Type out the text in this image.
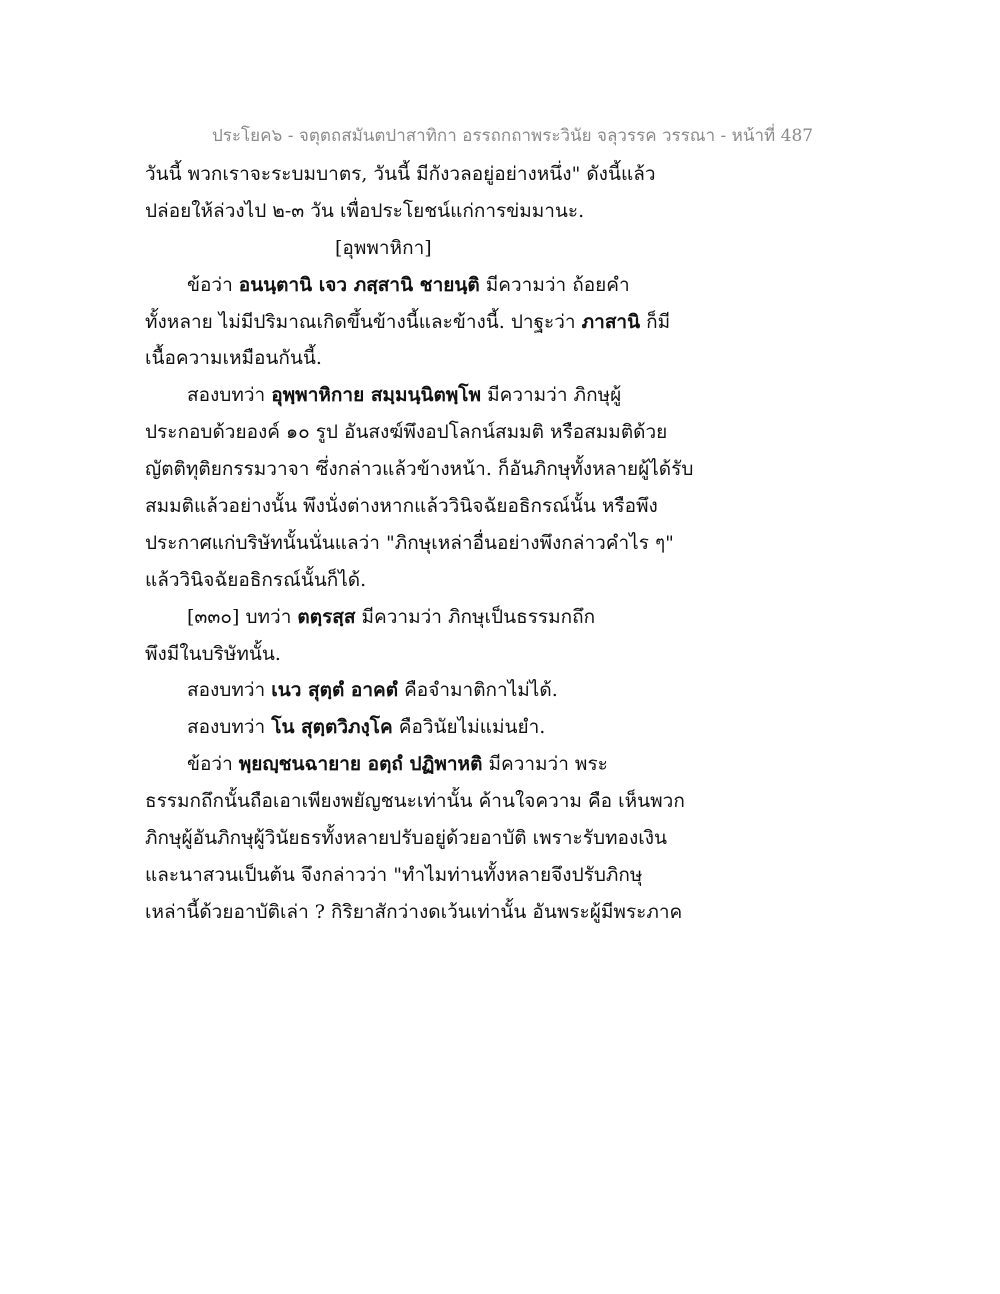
ประโยค๖ - จตุตถสมันตปาสาทิกา อรรถกถาพระวินัย จลุวรรค วรรณา - หน้าที่ 487
วันนี้ พวกเราจะระบมบาตร, วันนี้ มีกังวลอยู่อย่างหนึ่ง" ดังนี้แล้ว
ปล่อยให้ล่วงไป ๒-๓ วัน เพื่อประโยชน์แก่การข่มมานะ.
[อุพพาหิกา]
ข้อว่า อนนฺตานิ เจว ภสฺสานิ ชายนฺติ มีความว่า ถ้อยคำ
ทั้งหลาย ไม่มีปริมาณเกิดขึ้นข้างนี้และข้างนี้. ปาฐะว่า ภาสานิ ก็มี
เนื้อความเหมือนกันนี้.
สองบทว่า อุพฺพาหิกาย สมฺมนฺนิตพฺโพ มีความว่า ภิกษุผู้
ประกอบด้วยองค์ ๑๐ รูป อันสงฆ์พึงอปโลกน์สมมติ หรือสมมติด้วย
ญัตติทุติยกรรมวาจา ซึ่งกล่าวแล้วข้างหน้า. ก็อันภิกษุทั้งหลายผู้ได้รับ
สมมติแล้วอย่างนั้น พึงนั่งต่างหากแล้ววินิจฉัยอธิกรณ์นั้น หรือพึง
ประกาศแก่บริษัทนั้นนั่นแลว่า "ภิกษุเหล่าอื่นอย่างพึงกล่าวคำไร ๆ"
แล้ววินิจฉัยอธิกรณ์นั้นก็ได้.
[๓๓๐] บทว่า ตตฺรสฺส มีความว่า ภิกษุเป็นธรรมกถึก
พึงมีในบริษัทนั้น.
สองบทว่า เนว สุตฺตํ อาคตํ คือจำมาติกาไม่ได้.
สองบทว่า โน สุตฺตวิภงฺโค คือวินัยไม่แม่นยำ.
ข้อว่า พฺยญฺชนฉายาย อตฺถํ ปฏิพาหติ มีความว่า พระ
ธรรมกถึกนั้นถือเอาเพียงพยัญชนะเท่านั้น ค้านใจความ คือ เห็นพวก
ภิกษุผู้อันภิกษุผู้วินัยธรทั้งหลายปรับอยู่ด้วยอาบัติ เพราะรับทองเงิน
และนาสวนเป็นต้น จึงกล่าวว่า "ทำไมท่านทั้งหลายจึงปรับภิกษุ
เหล่านี้ด้วยอาบัติเล่า ? กิริยาสักว่างดเว้นเท่านั้น อันพระผู้มีพระภาค
